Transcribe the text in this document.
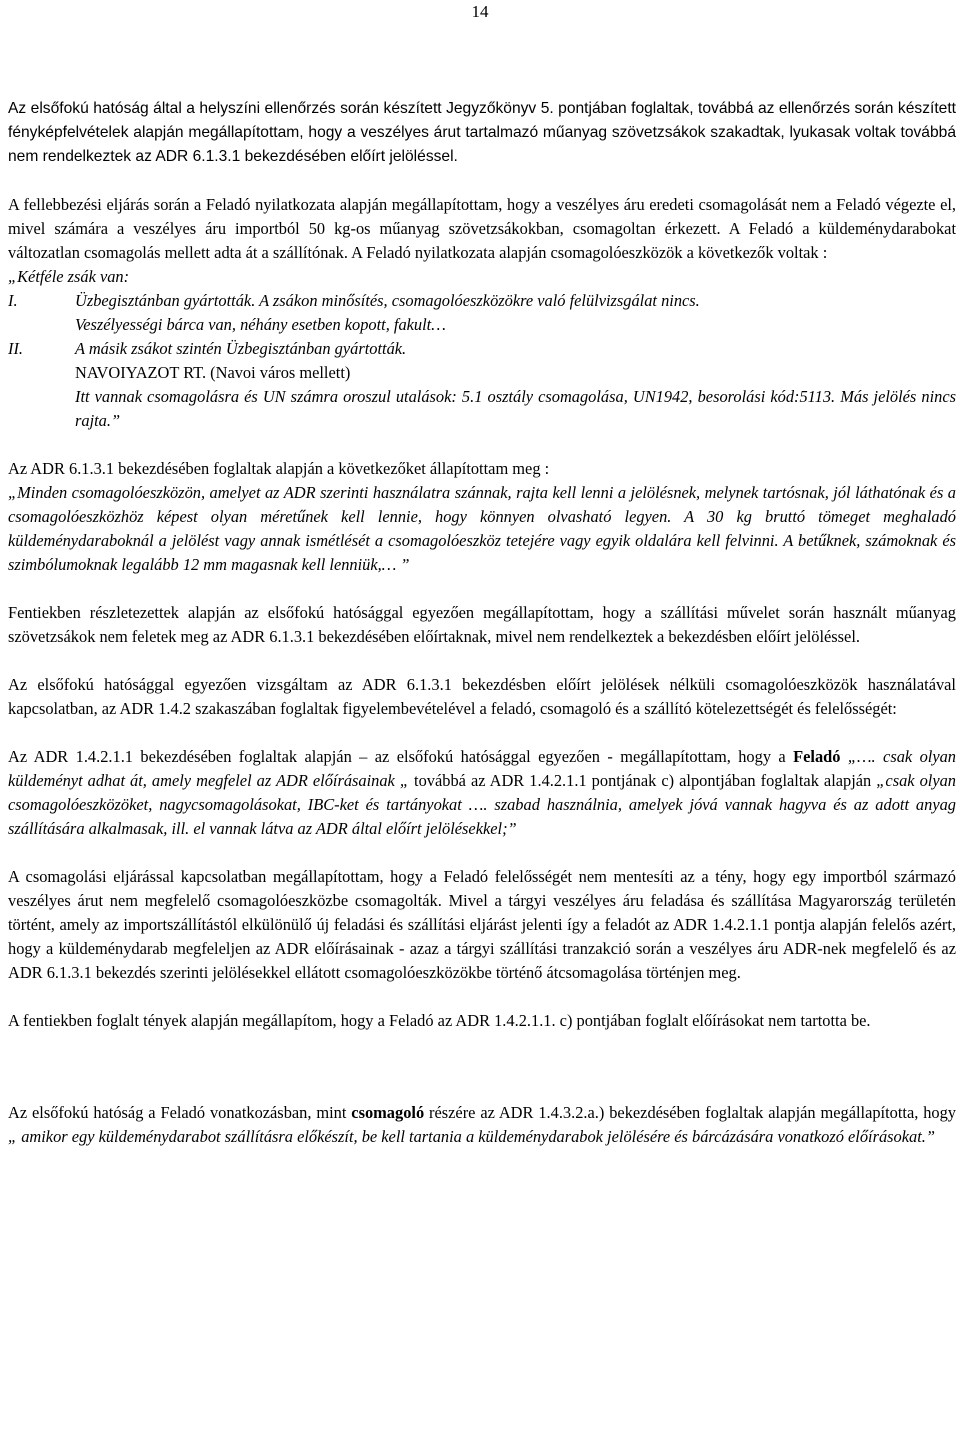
14

Az elsőfokú hatóság által a helyszíni ellenőrzés során készített Jegyzőkönyv 5. pontjában foglaltak, továbbá az ellenőrzés során készített fényképfelvételek alapján megállapítottam, hogy a veszélyes árut tartalmazó műanyag szövetzsákok szakadtak, lyukasak voltak továbbá nem rendelkeztek az ADR 6.1.3.1 bekezdésében előírt jelöléssel.

A fellebbezési eljárás során a Feladó nyilatkozata alapján megállapítottam, hogy a veszélyes áru eredeti csomagolását nem a Feladó végezte el, mivel számára a veszélyes áru importból 50 kg-os műanyag szövetzsákokban, csomagoltan érkezett. A Feladó a küldeménydarabokat változatlan csomagolás mellett adta át a szállítónak. A Feladó nyilatkozata alapján csomagolóeszközök a következők voltak :

„Kétféle zsák van:

I.	Üzbegisztánban gyártották. A zsákon minősítés, csomagolóeszközökre való felülvizsgálat nincs.

Veszélyességi bárca van, néhány esetben kopott, fakult…

II.	A másik zsákot szintén Üzbegisztánban gyártották.

NAVOIYAZOT RT. (Navoi város mellett)

Itt vannak csomagolásra és UN számra oroszul utalások: 5.1 osztály csomagolása, UN1942, besorolási kód:5113. Más jelölés nincs rajta.”

Az ADR 6.1.3.1 bekezdésében foglaltak alapján a következőket állapítottam meg :

„Minden csomagolóeszközön, amelyet az ADR szerinti használatra szánnak, rajta kell lenni a jelölésnek, melynek tartósnak, jól láthatónak és a csomagolóeszközhöz képest olyan méretűnek kell lennie, hogy könnyen olvasható legyen. A 30 kg bruttó tömeget meghaladó küldeménydaraboknál a jelölést vagy annak ismétlését a csomagolóeszköz tetejére vagy egyik oldalára kell felvinni. A betűknek, számoknak és szimbólumoknak legalább 12 mm magasnak kell lenniük,… ”

Fentiekben részletezettek alapján az elsőfokú hatósággal egyezően megállapítottam, hogy a szállítási művelet során használt műanyag szövetzsákok nem feletek meg az ADR 6.1.3.1 bekezdésében előírtaknak, mivel nem rendelkeztek a bekezdésben előírt jelöléssel.

Az elsőfokú hatósággal egyezően vizsgáltam az ADR 6.1.3.1 bekezdésben előírt jelölések nélküli csomagolóeszközök használatával kapcsolatban, az ADR 1.4.2 szakaszában foglaltak figyelembevételével a feladó, csomagoló és a szállító kötelezettségét és felelősségét:

Az ADR 1.4.2.1.1 bekezdésében foglaltak alapján – az elsőfokú hatósággal egyezően - megállapítottam, hogy a Feladó „…. csak olyan küldeményt adhat át, amely megfelel az ADR előírásainak „ továbbá az ADR 1.4.2.1.1 pontjának c) alpontjában foglaltak alapján „csak olyan csomagolóeszközöket, nagycsomagolásokat, IBC-ket és tartányokat …. szabad használnia, amelyek jóvá vannak hagyva és az adott anyag szállítására alkalmasak, ill. el vannak látva az ADR által előírt jelölésekkel;”

A csomagolási eljárással kapcsolatban megállapítottam, hogy a Feladó felelősségét nem mentesíti az a tény, hogy egy importból származó veszélyes árut nem megfelelő csomagolóeszközbe csomagolták. Mivel a tárgyi veszélyes áru feladása és szállítása Magyarország területén történt, amely az importszállítástól elkülönülő új feladási és szállítási eljárást jelenti így a feladót az ADR 1.4.2.1.1 pontja alapján felelős azért, hogy a küldeménydarab megfeleljen az ADR előírásainak - azaz a tárgyi szállítási tranzakció során a veszélyes áru ADR-nek megfelelő és az ADR 6.1.3.1 bekezdés szerinti jelölésekkel ellátott csomagolóeszközökbe történő átcsomagolása történjen meg.

A fentiekben foglalt tények alapján megállapítom, hogy a Feladó az ADR 1.4.2.1.1. c) pontjában foglalt előírásokat nem tartotta be.

Az elsőfokú hatóság a Feladó vonatkozásban, mint csomagoló részére az ADR 1.4.3.2.a.) bekezdésében foglaltak alapján megállapította, hogy „ amikor egy küldeménydarabot szállításra előkészít, be kell tartania a küldeménydarabok jelölésére és bárcázására vonatkozó előírásokat.”
